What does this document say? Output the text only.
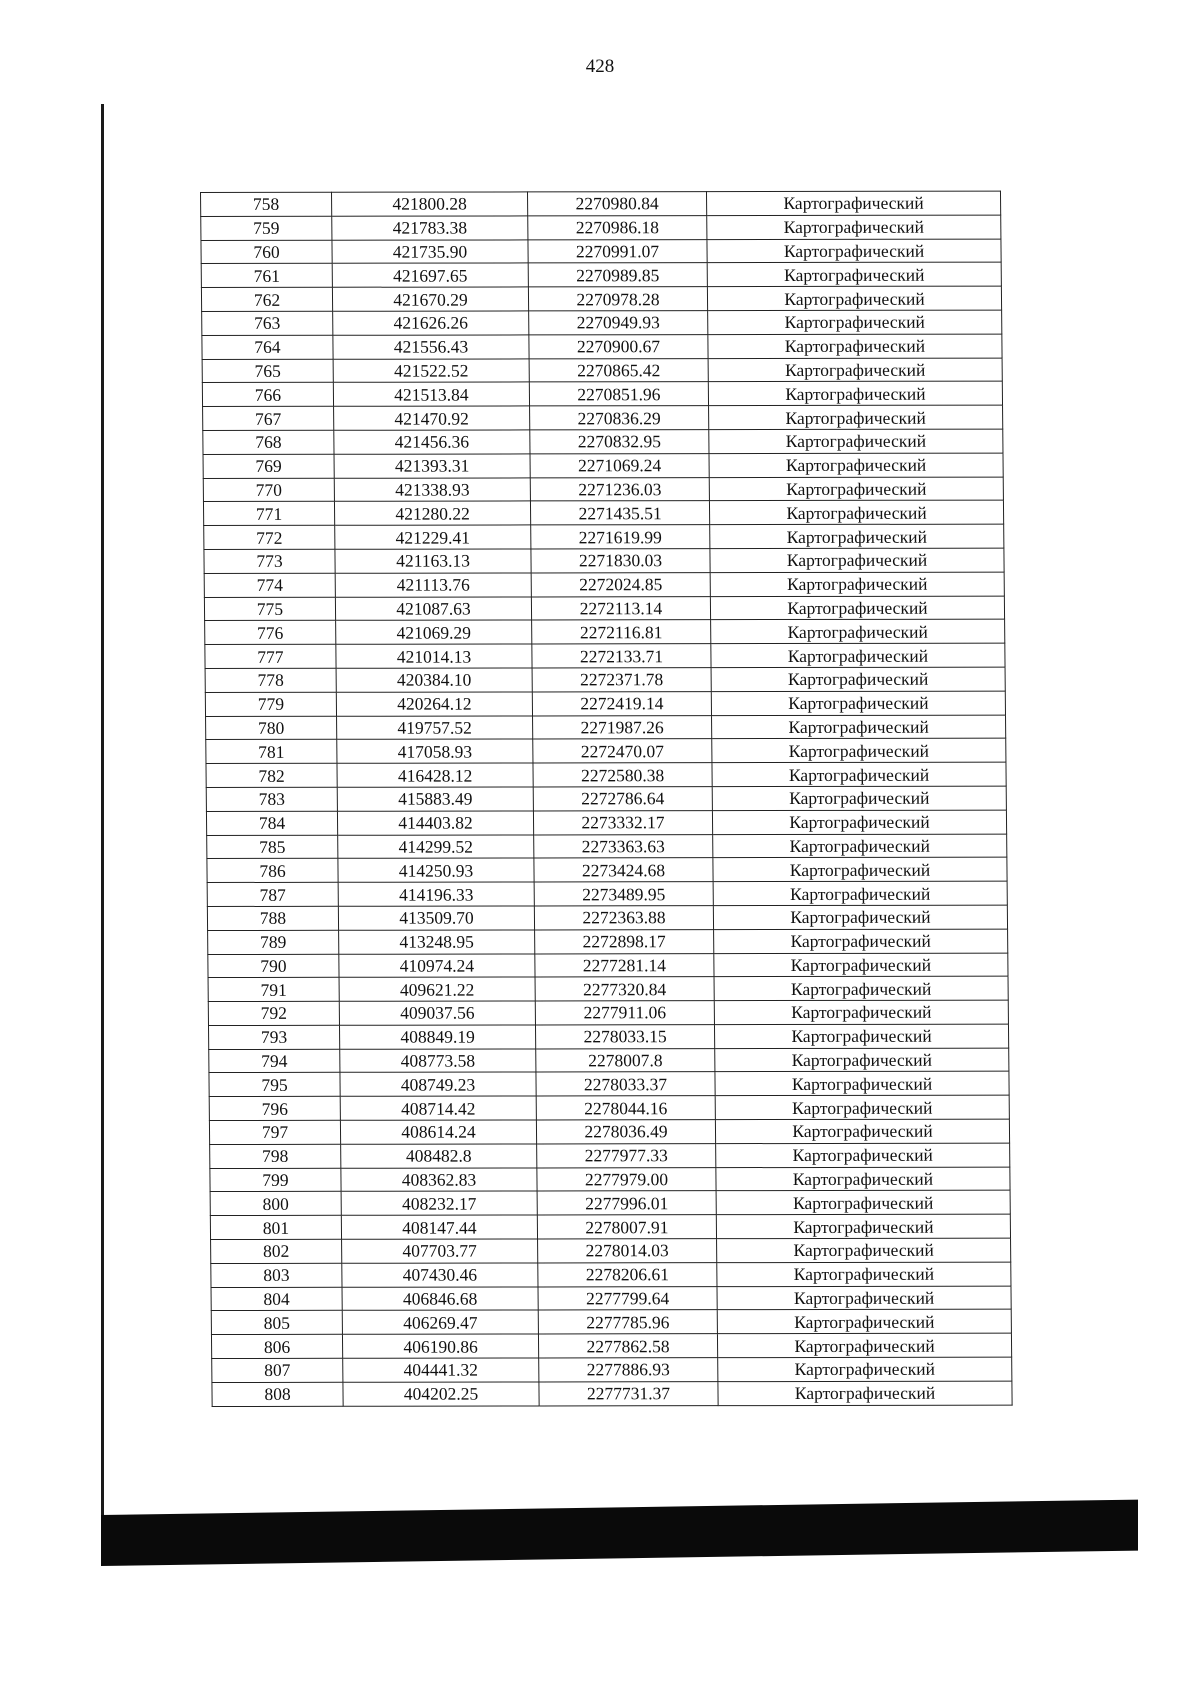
428
758	421800.28	2270980.84	Картографический
759	421783.38	2270986.18	Картографический
760	421735.90	2270991.07	Картографический
761	421697.65	2270989.85	Картографический
762	421670.29	2270978.28	Картографический
763	421626.26	2270949.93	Картографический
764	421556.43	2270900.67	Картографический
765	421522.52	2270865.42	Картографический
766	421513.84	2270851.96	Картографический
767	421470.92	2270836.29	Картографический
768	421456.36	2270832.95	Картографический
769	421393.31	2271069.24	Картографический
770	421338.93	2271236.03	Картографический
771	421280.22	2271435.51	Картографический
772	421229.41	2271619.99	Картографический
773	421163.13	2271830.03	Картографический
774	421113.76	2272024.85	Картографический
775	421087.63	2272113.14	Картографический
776	421069.29	2272116.81	Картографический
777	421014.13	2272133.71	Картографический
778	420384.10	2272371.78	Картографический
779	420264.12	2272419.14	Картографический
780	419757.52	2271987.26	Картографический
781	417058.93	2272470.07	Картографический
782	416428.12	2272580.38	Картографический
783	415883.49	2272786.64	Картографический
784	414403.82	2273332.17	Картографический
785	414299.52	2273363.63	Картографический
786	414250.93	2273424.68	Картографический
787	414196.33	2273489.95	Картографический
788	413509.70	2272363.88	Картографический
789	413248.95	2272898.17	Картографический
790	410974.24	2277281.14	Картографический
791	409621.22	2277320.84	Картографический
792	409037.56	2277911.06	Картографический
793	408849.19	2278033.15	Картографический
794	408773.58	2278007.8	Картографический
795	408749.23	2278033.37	Картографический
796	408714.42	2278044.16	Картографический
797	408614.24	2278036.49	Картографический
798	408482.8	2277977.33	Картографический
799	408362.83	2277979.00	Картографический
800	408232.17	2277996.01	Картографический
801	408147.44	2278007.91	Картографический
802	407703.77	2278014.03	Картографический
803	407430.46	2278206.61	Картографический
804	406846.68	2277799.64	Картографический
805	406269.47	2277785.96	Картографический
806	406190.86	2277862.58	Картографический
807	404441.32	2277886.93	Картографический
808	404202.25	2277731.37	Картографический
